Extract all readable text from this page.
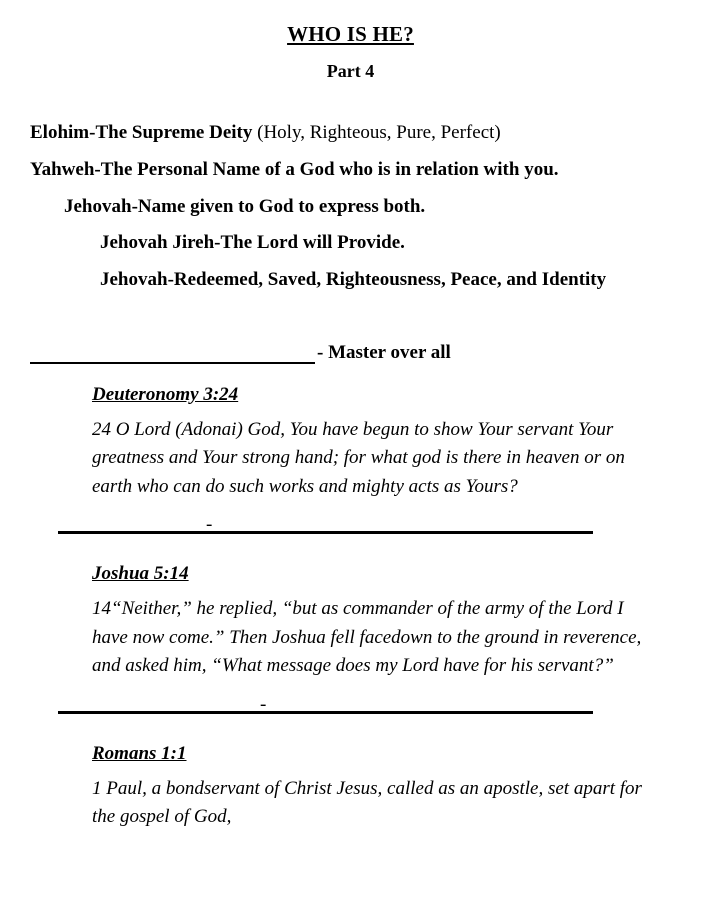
WHO IS HE?
Part 4
Elohim-The Supreme Deity (Holy, Righteous, Pure, Perfect)
Yahweh-The Personal Name of a God who is in relation with you.
Jehovah-Name given to God to express both.
Jehovah Jireh-The Lord will Provide.
Jehovah-Redeemed, Saved, Righteousness, Peace, and Identity
- Master over all
Deuteronomy 3:24
24 O Lord (Adonai) God, You have begun to show Your servant Your greatness and Your strong hand; for what god is there in heaven or on earth who can do such works and mighty acts as Yours?
-
Joshua 5:14
14“Neither,” he replied, “but as commander of the army of the Lord I have now come.” Then Joshua fell facedown to the ground in reverence, and asked him, “What message does my Lord have for his servant?”
-
Romans 1:1
1 Paul, a bondservant of Christ Jesus, called as an apostle, set apart for the gospel of God,
